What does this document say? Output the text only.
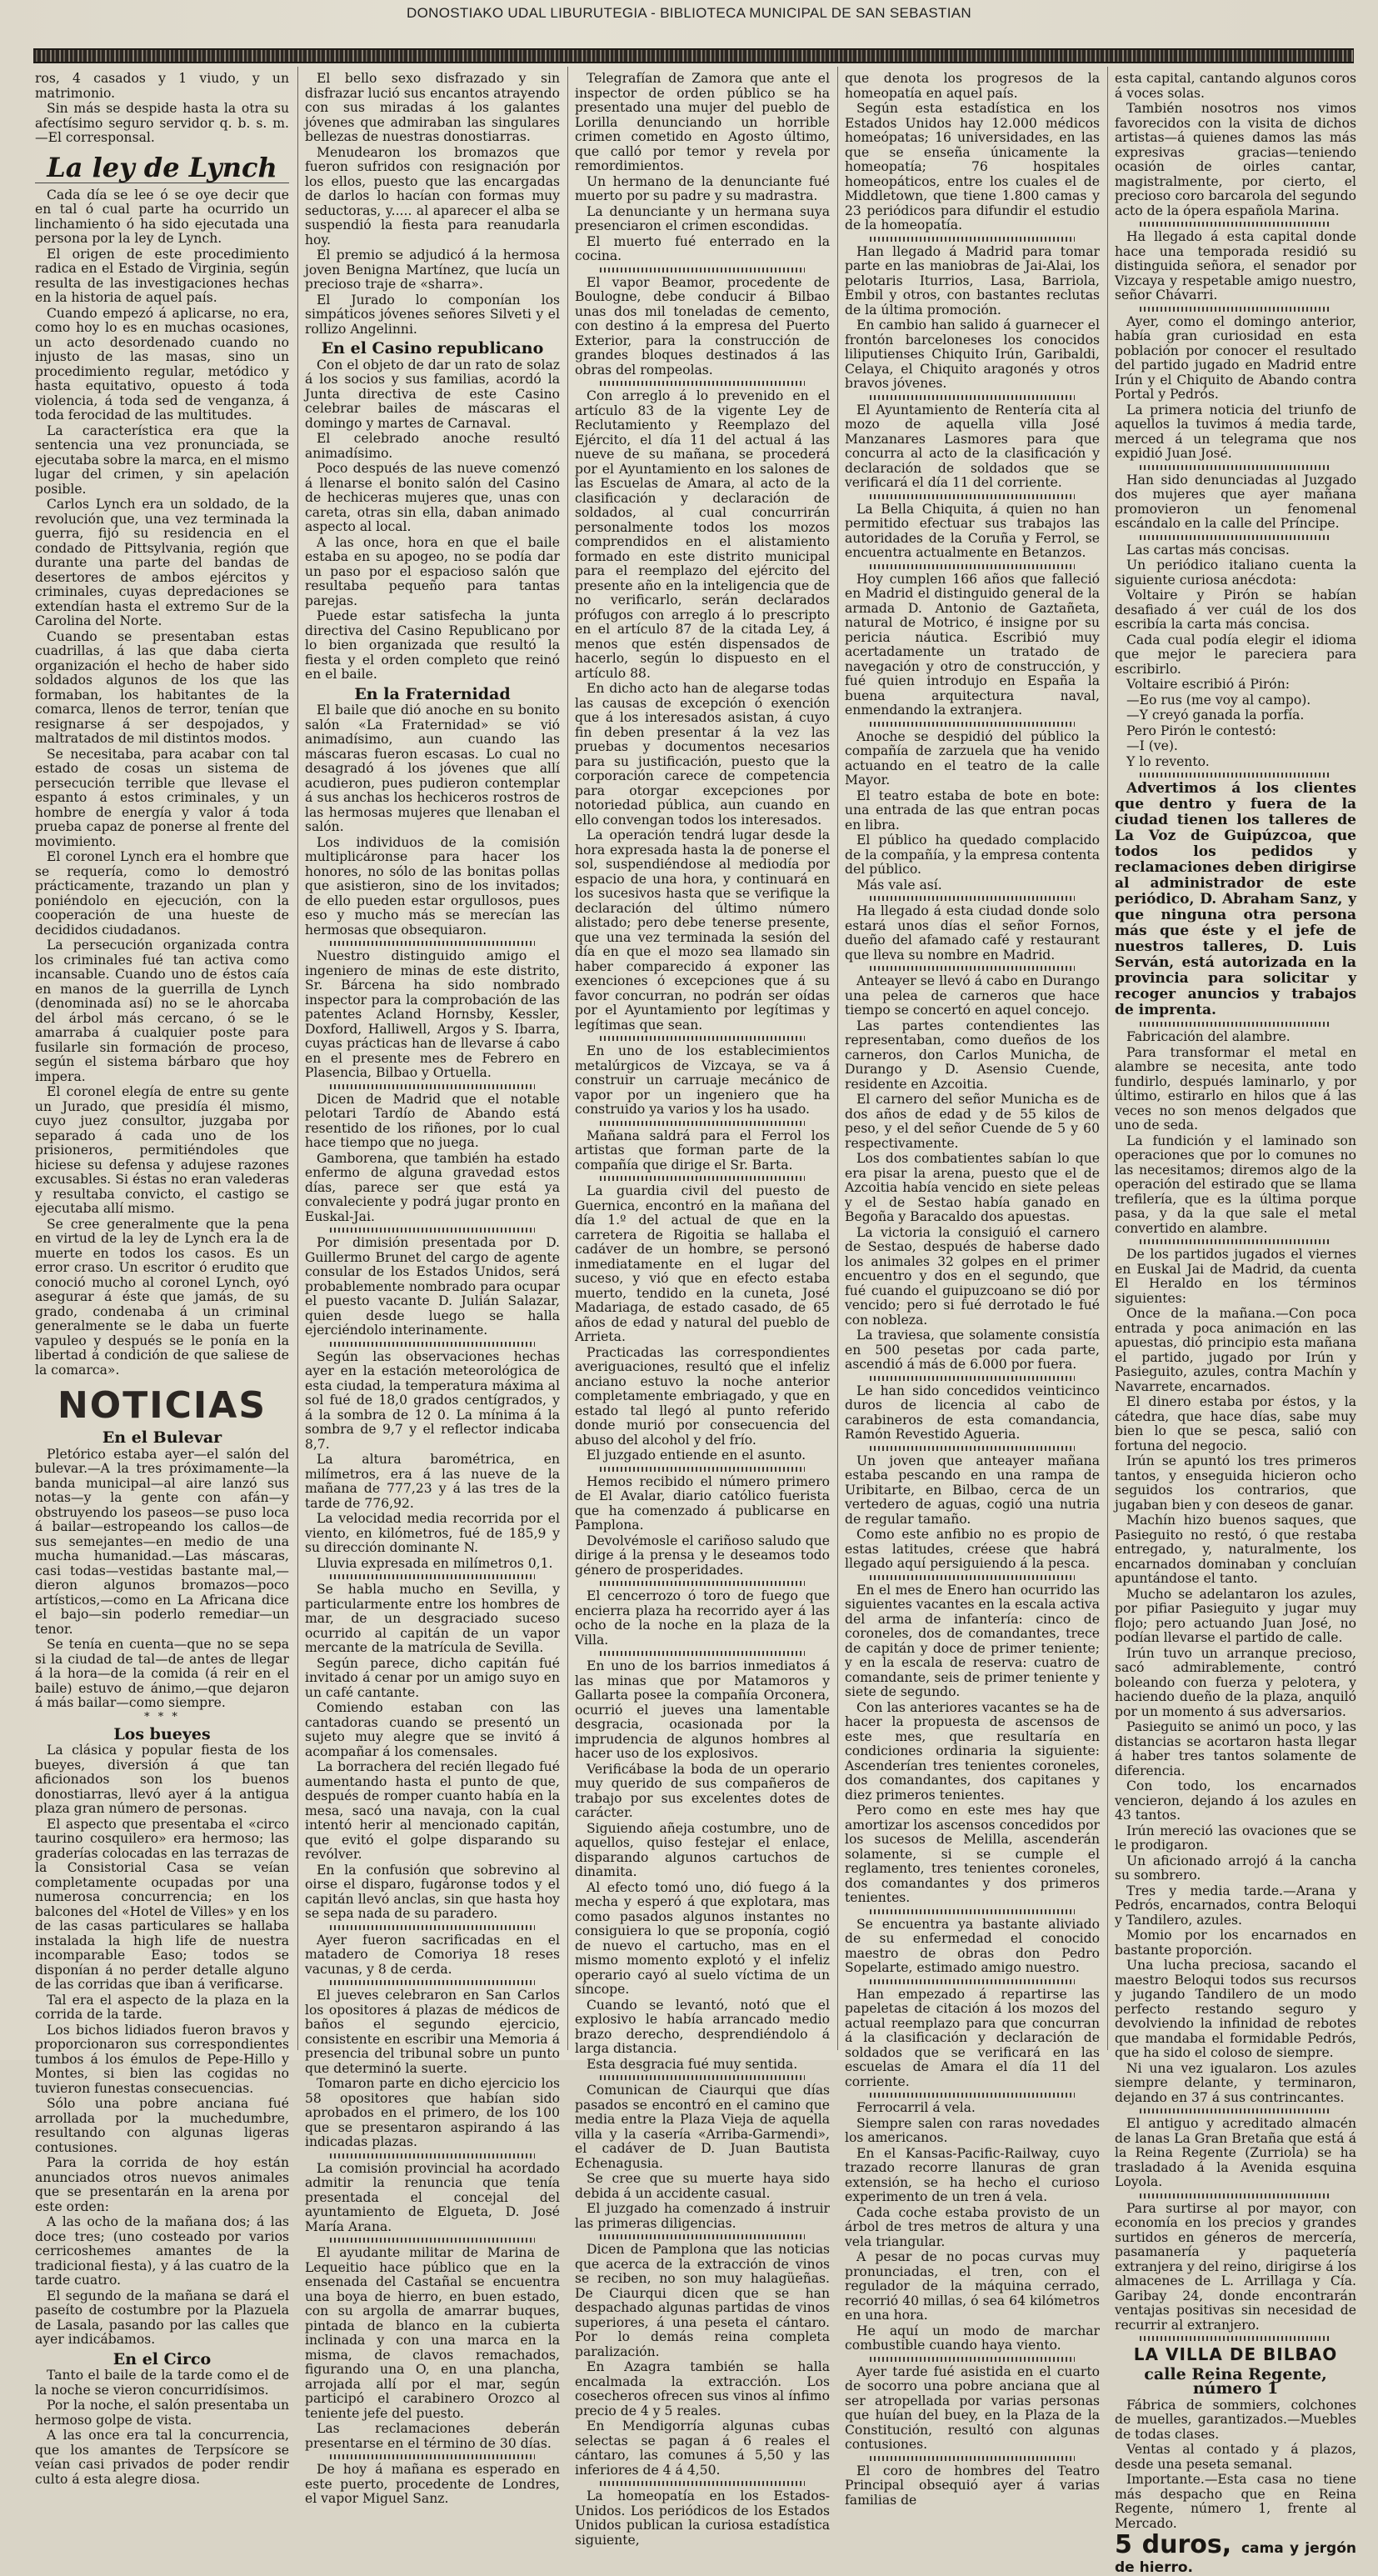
DONOSTIAKO UDAL LIBURUTEGIA - BIBLIOTECA MUNICIPAL DE SAN SEBASTIAN

ros, 4 casados y 1 viudo, y un matrimonio.

Sin más se despide hasta la otra su afectísimo seguro servidor q. b. s. m.—El corresponsal.

La ley de Lynch

Cada día se lee ó se oye decir que en tal ó cual parte ha ocurrido un linchamiento ó ha sido ejecutada una persona por la ley de Lynch.

El origen de este procedimiento radica en el Estado de Virginia, según resulta de las investigaciones hechas en la historia de aquel país.

Cuando empezó á aplicarse, no era, como hoy lo es en muchas ocasiones, un acto desordenado cuando no injusto de las masas, sino un procedimiento regular, metódico y hasta equitativo, opuesto á toda violencia, á toda sed de venganza, á toda ferocidad de las multitudes.

La característica era que la sentencia una vez pronunciada, se ejecutaba sobre la marca, en el mismo lugar del crimen, y sin apelación posible.

Carlos Lynch era un soldado, de la revolución que, una vez terminada la guerra, fijó su residencia en el condado de Pittsylvania, región que durante una parte del bandas de desertores de ambos ejércitos y criminales, cuyas depredaciones se extendían hasta el extremo Sur de la Carolina del Norte.

Cuando se presentaban estas cuadrillas, á las que daba cierta organización el hecho de haber sido soldados algunos de los que las formaban, los habitantes de la comarca, llenos de terror, tenían que resignarse á ser despojados, y maltratados de mil distintos modos.

Se necesitaba, para acabar con tal estado de cosas un sistema de persecución terrible que llevase el espanto á estos criminales, y un hombre de energía y valor á toda prueba capaz de ponerse al frente del movimiento.

El coronel Lynch era el hombre que se requería, como lo demostró prácticamente, trazando un plan y poniéndolo en ejecución, con la cooperación de una hueste de decididos ciudadanos.

La persecución organizada contra los criminales fué tan activa como incansable. Cuando uno de éstos caía en manos de la guerrilla de Lynch (denominada así) no se le ahorcaba del árbol más cercano, ó se le amarraba á cualquier poste para fusilarle sin formación de proceso, según el sistema bárbaro que hoy impera.

El coronel elegía de entre su gente un Jurado, que presidía él mismo, cuyo juez consultor, juzgaba por separado á cada uno de los prisioneros, permitiéndoles que hiciese su defensa y adujese razones excusables. Si éstas no eran valederas y resultaba convicto, el castigo se ejecutaba allí mismo.

Se cree generalmente que la pena en virtud de la ley de Lynch era la de muerte en todos los casos. Es un error craso. Un escritor ó erudito que conoció mucho al coronel Lynch, oyó asegurar á éste que jamás, de su grado, condenaba á un criminal generalmente se le daba un fuerte vapuleo y después se le ponía en la libertad á condición de que saliese de la comarca».

NOTICIAS
En el Bulevar

Pletórico estaba ayer—el salón del bulevar.—A la tres próximamente—la banda municipal—al aire lanzó sus notas—y la gente con afán—y obstruyendo los paseos—se puso loca á bailar—estropeando los callos—de sus semejantes—en medio de una mucha humanidad.—Las máscaras, casi todas—vestidas bastante mal,—dieron algunos bromazos—poco artísticos,—como en La Africana dice el bajo—sin poderlo remediar—un tenor.

Se tenía en cuenta—que no se sepa si la ciudad de tal—de antes de llegar á la hora—de la comida (á reir en el baile) estuvo de ánimo,—que dejaron á más bailar—como siempre.

* * *
Los bueyes

La clásica y popular fiesta de los bueyes, diversión á que tan aficionados son los buenos donostiarras, llevó ayer á la antigua plaza gran número de personas.

El aspecto que presentaba el «circo taurino cosquilero» era hermoso; las graderías colocadas en las terrazas de la Consistorial Casa se veían completamente ocupadas por una numerosa concurrencia; en los balcones del «Hotel de Villes» y en los de las casas particulares se hallaba instalada la high life de nuestra incomparable Easo; todos se disponían á no perder detalle alguno de las corridas que iban á verificarse.

Tal era el aspecto de la plaza en la corrida de la tarde.

Los bichos lidiados fueron bravos y proporcionaron sus correspondientes tumbos á los émulos de Pepe-Hillo y Montes, si bien las cogidas no tuvieron funestas consecuencias.

Sólo una pobre anciana fué arrollada por la muchedumbre, resultando con algunas ligeras contusiones.

Para la corrida de hoy están anunciados otros nuevos animales que se presentarán en la arena por este orden:

A las ocho de la mañana dos; á las doce tres; (uno costeado por varios cerricoshemes amantes de la tradicional fiesta), y á las cuatro de la tarde cuatro.

El segundo de la mañana se dará el paseíto de costumbre por la Plazuela de Lasala, pasando por las calles que ayer indicábamos.

En el Circo

Tanto el baile de la tarde como el de la noche se vieron concurridísimos.

Por la noche, el salón presentaba un hermoso golpe de vista.

A las once era tal la concurrencia, que los amantes de Terpsícore se veían casi privados de poder rendir culto á esta alegre diosa.

El bello sexo disfrazado y sin disfrazar lució sus encantos atrayendo con sus miradas á los galantes jóvenes que admiraban las singulares bellezas de nuestras donostiarras.

Menudearon los bromazos que fueron sufridos con resignación por los ellos, puesto que las encargadas de darlos lo hacían con formas muy seductoras, y..... al aparecer el alba se suspendió la fiesta para reanudarla hoy.

El premio se adjudicó á la hermosa joven Benigna Martínez, que lucía un precioso traje de «sharra».

El Jurado lo componían los simpáticos jóvenes señores Silveti y el rollizo Angelinni.

En el Casino republicano

Con el objeto de dar un rato de solaz á los socios y sus familias, acordó la Junta directiva de este Casino celebrar bailes de máscaras el domingo y martes de Carnaval.

El celebrado anoche resultó animadísimo.

Poco después de las nueve comenzó á llenarse el bonito salón del Casino de hechiceras mujeres que, unas con careta, otras sin ella, daban animado aspecto al local.

A las once, hora en que el baile estaba en su apogeo, no se podía dar un paso por el espacioso salón que resultaba pequeño para tantas parejas.

Puede estar satisfecha la junta directiva del Casino Republicano por lo bien organizada que resultó la fiesta y el orden completo que reinó en el baile.

En la Fraternidad

El baile que dió anoche en su bonito salón «La Fraternidad» se vió animadísimo, aun cuando las máscaras fueron escasas. Lo cual no desagradó á los jóvenes que allí acudieron, pues pudieron contemplar á sus anchas los hechiceros rostros de las hermosas mujeres que llenaban el salón.

Los individuos de la comisión multiplicáronse para hacer los honores, no sólo de las bonitas pollas que asistieron, sino de los invitados; de ello pueden estar orgullosos, pues eso y mucho más se merecían las hermosas que obsequiaron.

Nuestro distinguido amigo el ingeniero de minas de este distrito, Sr. Bárcena ha sido nombrado inspector para la comprobación de las patentes Acland Hornsby, Kessler, Doxford, Halliwell, Argos y S. Ibarra, cuyas prácticas han de llevarse á cabo en el presente mes de Febrero en Plasencia, Bilbao y Ortuella.

Dicen de Madrid que el notable pelotari Tardío de Abando está resentido de los riñones, por lo cual hace tiempo que no juega.

Gamborena, que también ha estado enfermo de alguna gravedad estos días, parece ser que está ya convaleciente y podrá jugar pronto en Euskal-Jai.

Por dimisión presentada por D. Guillermo Brunet del cargo de agente consular de los Estados Unidos, será probablemente nombrado para ocupar el puesto vacante D. Julián Salazar, quien desde luego se halla ejerciéndolo interinamente.

Según las observaciones hechas ayer en la estación meteorológica de esta ciudad, la temperatura máxima al sol fué de 18,0 grados centígrados, y á la sombra de 12 0. La mínima á la sombra de 9,7 y el reflector indicaba 8,7.

La altura barométrica, en milímetros, era á las nueve de la mañana de 777,23 y á las tres de la tarde de 776,92.

La velocidad media recorrida por el viento, en kilómetros, fué de 185,9 y su dirección dominante N.

Lluvia expresada en milímetros 0,1.

Se habla mucho en Sevilla, y particularmente entre los hombres de mar, de un desgraciado suceso ocurrido al capitán de un vapor mercante de la matrícula de Sevilla.

Según parece, dicho capitán fué invitado á cenar por un amigo suyo en un café cantante.

Comiendo estaban con las cantadoras cuando se presentó un sujeto muy alegre que se invitó á acompañar á los comensales.

La borrachera del recién llegado fué aumentando hasta el punto de que, después de romper cuanto había en la mesa, sacó una navaja, con la cual intentó herir al mencionado capitán, que evitó el golpe disparando su revólver.

En la confusión que sobrevino al oirse el disparo, fugáronse todos y el capitán llevó anclas, sin que hasta hoy se sepa nada de su paradero.

Ayer fueron sacrificadas en el matadero de Comoriya 18 reses vacunas, y 8 de cerda.

El jueves celebraron en San Carlos los opositores á plazas de médicos de baños el segundo ejercicio, consistente en escribir una Memoria á presencia del tribunal sobre un punto que determinó la suerte.

Tomaron parte en dicho ejercicio los 58 opositores que habían sido aprobados en el primero, de los 100 que se presentaron aspirando á las indicadas plazas.

La comisión provincial ha acordado admitir la renuncia que tenía presentada el concejal del ayuntamiento de Elgueta, D. José María Arana.

El ayudante militar de Marina de Lequeitio hace público que en la ensenada del Castañal se encuentra una boya de hierro, en buen estado, con su argolla de amarrar buques, pintada de blanco en la cubierta inclinada y con una marca en la misma, de clavos remachados, figurando una O, en una plancha, arrojada allí por el mar, según participó el carabinero Orozco al teniente jefe del puesto.

Las reclamaciones deberán presentarse en el término de 30 días.

De hoy á mañana es esperado en este puerto, procedente de Londres, el vapor Miguel Sanz.

Telegrafían de Zamora que ante el inspector de orden público se ha presentado una mujer del pueblo de Lorilla denunciando un horrible crimen cometido en Agosto último, que calló por temor y revela por remordimientos.

Un hermano de la denunciante fué muerto por su padre y su madrastra.

La denunciante y un hermana suya presenciaron el crimen escondidas.

El muerto fué enterrado en la cocina.

El vapor Beamor, procedente de Boulogne, debe conducir á Bilbao unas dos mil toneladas de cemento, con destino á la empresa del Puerto Exterior, para la construcción de grandes bloques destinados á las obras del rompeolas.

Con arreglo á lo prevenido en el artículo 83 de la vigente Ley de Reclutamiento y Reemplazo del Ejército, el día 11 del actual á las nueve de su mañana, se procederá por el Ayuntamiento en los salones de las Escuelas de Amara, al acto de la clasificación y declaración de soldados, al cual concurrirán personalmente todos los mozos comprendidos en el alistamiento formado en este distrito municipal para el reemplazo del ejército del presente año en la inteligencia que de no verificarlo, serán declarados prófugos con arreglo á lo prescripto en el artículo 87 de la citada Ley, á menos que estén dispensados de hacerlo, según lo dispuesto en el artículo 88.

En dicho acto han de alegarse todas las causas de excepción ó exención que á los interesados asistan, á cuyo fin deben presentar á la vez las pruebas y documentos necesarios para su justificación, puesto que la corporación carece de competencia para otorgar excepciones por notoriedad pública, aun cuando en ello convengan todos los interesados.

La operación tendrá lugar desde la hora expresada hasta la de ponerse el sol, suspendiéndose al mediodía por espacio de una hora, y continuará en los sucesivos hasta que se verifique la declaración del último número alistado; pero debe tenerse presente, que una vez terminada la sesión del día en que el mozo sea llamado sin haber comparecido á exponer las exenciones ó excepciones que á su favor concurran, no podrán ser oídas por el Ayuntamiento por legítimas y legítimas que sean.

En uno de los establecimientos metalúrgicos de Vizcaya, se va á construir un carruaje mecánico de vapor por un ingeniero que ha construido ya varios y los ha usado.

Mañana saldrá para el Ferrol los artistas que forman parte de la compañía que dirige el Sr. Barta.

La guardia civil del puesto de Guernica, encontró en la mañana del día 1.º del actual de que en la carretera de Rigoitia se hallaba el cadáver de un hombre, se personó inmediatamente en el lugar del suceso, y vió que en efecto estaba muerto, tendido en la cuneta, José Madariaga, de estado casado, de 65 años de edad y natural del pueblo de Arrieta.

Practicadas las correspondientes averiguaciones, resultó que el infeliz anciano estuvo la noche anterior completamente embriagado, y que en estado tal llegó al punto referido donde murió por consecuencia del abuso del alcohol y del frío.

El juzgado entiende en el asunto.

Hemos recibido el número primero de El Avalar, diario católico fuerista que ha comenzado á publicarse en Pamplona.

Devolvémosle el cariñoso saludo que dirige á la prensa y le deseamos todo género de prosperidades.

El cencerrozo ó toro de fuego que encierra plaza ha recorrido ayer á las ocho de la noche en la plaza de la Villa.

En uno de los barrios inmediatos á las minas que por Matamoros y Gallarta posee la compañía Orconera, ocurrió el jueves una lamentable desgracia, ocasionada por la imprudencia de algunos hombres al hacer uso de los explosivos.

Verificábase la boda de un operario muy querido de sus compañeros de trabajo por sus excelentes dotes de carácter.

Siguiendo añeja costumbre, uno de aquellos, quiso festejar el enlace, disparando algunos cartuchos de dinamita.

Al efecto tomó uno, dió fuego á la mecha y esperó á que explotara, mas como pasados algunos instantes no consiguiera lo que se proponía, cogió de nuevo el cartucho, mas en el mismo momento explotó y el infeliz operario cayó al suelo víctima de un síncope.

Cuando se levantó, notó que el explosivo le había arrancado medio brazo derecho, desprendiéndolo á larga distancia.

Esta desgracia fué muy sentida.

Comunican de Ciaurqui que días pasados se encontró en el camino que media entre la Plaza Vieja de aquella villa y la casería «Arriba-Garmendi», el cadáver de D. Juan Bautista Echenagusia.

Se cree que su muerte haya sido debida á un accidente casual.

El juzgado ha comenzado á instruir las primeras diligencias.

Dicen de Pamplona que las noticias que acerca de la extracción de vinos se reciben, no son muy halagüeñas. De Ciaurqui dicen que se han despachado algunas partidas de vinos superiores, á una peseta el cántaro. Por lo demás reina completa paralización.

En Azagra también se halla encalmada la extracción. Los cosecheros ofrecen sus vinos al ínfimo precio de 4 y 5 reales.

En Mendigorría algunas cubas selectas se pagan á 6 reales el cántaro, las comunes á 5,50 y las inferiores de 4 á 4,50.

La homeopatía en los Estados-Unidos. Los periódicos de los Estados Unidos publican la curiosa estadística siguiente,

que denota los progresos de la homeopatía en aquel país.

Según esta estadística en los Estados Unidos hay 12.000 médicos homeópatas; 16 universidades, en las que se enseña únicamente la homeopatía; 76 hospitales homeopáticos, entre los cuales el de Middletown, que tiene 1.800 camas y 23 periódicos para difundir el estudio de la homeopatía.

Han llegado á Madrid para tomar parte en las maniobras de Jai-Alai, los pelotaris Iturrios, Lasa, Barriola, Embil y otros, con bastantes reclutas de la última promoción.

En cambio han salido á guarnecer el frontón barceloneses los conocidos liliputienses Chiquito Irún, Garibaldi, Celaya, el Chiquito aragonés y otros bravos jóvenes.

El Ayuntamiento de Rentería cita al mozo de aquella villa José Manzanares Lasmores para que concurra al acto de la clasificación y declaración de soldados que se verificará el día 11 del corriente.

La Bella Chiquita, á quien no han permitido efectuar sus trabajos las autoridades de la Coruña y Ferrol, se encuentra actualmente en Betanzos.

Hoy cumplen 166 años que falleció en Madrid el distinguido general de la armada D. Antonio de Gaztañeta, natural de Motrico, é insigne por su pericia náutica. Escribió muy acertadamente un tratado de navegación y otro de construcción, y fué quien introdujo en España la buena arquitectura naval, enmendando la extranjera.

Anoche se despidió del público la compañía de zarzuela que ha venido actuando en el teatro de la calle Mayor.

El teatro estaba de bote en bote: una entrada de las que entran pocas en libra.

El público ha quedado complacido de la compañía, y la empresa contenta del público.

Más vale así.

Ha llegado á esta ciudad donde solo estará unos días el señor Fornos, dueño del afamado café y restaurant que lleva su nombre en Madrid.

Anteayer se llevó á cabo en Durango una pelea de carneros que hace tiempo se concertó en aquel concejo.

Las partes contendientes las representaban, como dueños de los carneros, don Carlos Municha, de Durango y D. Asensio Cuende, residente en Azcoitia.

El carnero del señor Municha es de dos años de edad y de 55 kilos de peso, y el del señor Cuende de 5 y 60 respectivamente.

Los dos combatientes sabían lo que era pisar la arena, puesto que el de Azcoitia había vencido en siete peleas y el de Sestao había ganado en Begoña y Baracaldo dos apuestas.

La victoria la consiguió el carnero de Sestao, después de haberse dado los animales 32 golpes en el primer encuentro y dos en el segundo, que fué cuando el guipuzcoano se dió por vencido; pero si fué derrotado le fué con nobleza.

La traviesa, que solamente consistía en 500 pesetas por cada parte, ascendió á más de 6.000 por fuera.

Le han sido concedidos veinticinco duros de licencia al cabo de carabineros de esta comandancia, Ramón Revestido Agueria.

Un joven que anteayer mañana estaba pescando en una rampa de Uribitarte, en Bilbao, cerca de un vertedero de aguas, cogió una nutria de regular tamaño.

Como este anfibio no es propio de estas latitudes, créese que habrá llegado aquí persiguiendo á la pesca.

En el mes de Enero han ocurrido las siguientes vacantes en la escala activa del arma de infantería: cinco de coroneles, dos de comandantes, trece de capitán y doce de primer teniente; y en la escala de reserva: cuatro de comandante, seis de primer teniente y siete de segundo.

Con las anteriores vacantes se ha de hacer la propuesta de ascensos de este mes, que resultaría en condiciones ordinaria la siguiente: Ascenderían tres tenientes coroneles, dos comandantes, dos capitanes y diez primeros tenientes.

Pero como en este mes hay que amortizar los ascensos concedidos por los sucesos de Melilla, ascenderán solamente, si se cumple el reglamento, tres tenientes coroneles, dos comandantes y dos primeros tenientes.

Se encuentra ya bastante aliviado de su enfermedad el conocido maestro de obras don Pedro Sopelarte, estimado amigo nuestro.

Han empezado á repartirse las papeletas de citación á los mozos del actual reemplazo para que concurran á la clasificación y declaración de soldados que se verificará en las escuelas de Amara el día 11 del corriente.

Ferrocarril á vela.

Siempre salen con raras novedades los americanos.

En el Kansas-Pacific-Railway, cuyo trazado recorre llanuras de gran extensión, se ha hecho el curioso experimento de un tren á vela.

Cada coche estaba provisto de un árbol de tres metros de altura y una vela triangular.

A pesar de no pocas curvas muy pronunciadas, el tren, con el regulador de la máquina cerrado, recorrió 40 millas, ó sea 64 kilómetros en una hora.

He aquí un modo de marchar combustible cuando haya viento.

Ayer tarde fué asistida en el cuarto de socorro una pobre anciana que al ser atropellada por varias personas que huían del buey, en la Plaza de la Constitución, resultó con algunas contusiones.

El coro de hombres del Teatro Principal obsequió ayer á varias familias de

esta capital, cantando algunos coros á voces solas.

También nosotros nos vimos favorecidos con la visita de dichos artistas—á quienes damos las más expresivas gracias—teniendo ocasión de oirles cantar, magistralmente, por cierto, el precioso coro barcarola del segundo acto de la ópera española Marina.

Ha llegado á esta capital donde hace una temporada residió su distinguida señora, el senador por Vizcaya y respetable amigo nuestro, señor Chávarri.

Ayer, como el domingo anterior, había gran curiosidad en esta población por conocer el resultado del partido jugado en Madrid entre Irún y el Chiquito de Abando contra Portal y Pedrós.

La primera noticia del triunfo de aquellos la tuvimos á media tarde, merced á un telegrama que nos expidió Juan José.

Han sido denunciadas al Juzgado dos mujeres que ayer mañana promovieron un fenomenal escándalo en la calle del Príncipe.

Las cartas más concisas.

Un periódico italiano cuenta la siguiente curiosa anécdota:

Voltaire y Pirón se habían desafiado á ver cuál de los dos escribía la carta más concisa.

Cada cual podía elegir el idioma que mejor le pareciera para escribirlo.

Voltaire escribió á Pirón:

—Eo rus (me voy al campo).

—Y creyó ganada la porfía.

Pero Pirón le contestó:

—I (ve).

Y lo revento.

Advertimos á los clientes que dentro y fuera de la ciudad tienen los talleres de La Voz de Guipúzcoa, que todos los pedidos y reclamaciones deben dirigirse al administrador de este periódico, D. Abraham Sanz, y que ninguna otra persona más que éste y el jefe de nuestros talleres, D. Luis Serván, está autorizada en la provincia para solicitar y recoger anuncios y trabajos de imprenta.

Fabricación del alambre.

Para transformar el metal en alambre se necesita, ante todo fundirlo, después laminarlo, y por último, estirarlo en hilos que á las veces no son menos delgados que uno de seda.

La fundición y el laminado son operaciones que por lo comunes no las necesitamos; diremos algo de la operación del estirado que se llama trefilería, que es la última porque pasa, y da la que sale el metal convertido en alambre.

De los partidos jugados el viernes en Euskal Jai de Madrid, da cuenta El Heraldo en los términos siguientes:

Once de la mañana.—Con poca entrada y poca animación en las apuestas, dió principio esta mañana el partido, jugado por Irún y Pasieguito, azules, contra Machín y Navarrete, encarnados.

El dinero estaba por éstos, y la cátedra, que hace días, sabe muy bien lo que se pesca, salió con fortuna del negocio.

Irún se apuntó los tres primeros tantos, y enseguida hicieron ocho seguidos los contrarios, que jugaban bien y con deseos de ganar.

Machín hizo buenos saques, que Pasieguito no restó, ó que restaba entregado, y, naturalmente, los encarnados dominaban y concluían apuntándose el tanto.

Mucho se adelantaron los azules, por pifiar Pasieguito y jugar muy flojo; pero actuando Juan José, no podían llevarse el partido de calle.

Irún tuvo un arranque precioso, sacó admirablemente, contró boleando con fuerza y pelotera, y haciendo dueño de la plaza, anquiló por un momento á sus adversarios.

Pasieguito se animó un poco, y las distancias se acortaron hasta llegar á haber tres tantos solamente de diferencia.

Con todo, los encarnados vencieron, dejando á los azules en 43 tantos.

Irún mereció las ovaciones que se le prodigaron.

Un aficionado arrojó á la cancha su sombrero.

Tres y media tarde.—Arana y Pedrós, encarnados, contra Beloqui y Tandilero, azules.

Momio por los encarnados en bastante proporción.

Una lucha preciosa, sacando el maestro Beloqui todos sus recursos y jugando Tandilero de un modo perfecto restando seguro y devolviendo la infinidad de rebotes que mandaba el formidable Pedrós, que ha sido el coloso de siempre.

Ni una vez igualaron. Los azules siempre delante, y terminaron, dejando en 37 á sus contrincantes.

El antiguo y acreditado almacén de lanas La Gran Bretaña que está á la Reina Regente (Zurriola) se ha trasladado á la Avenida esquina Loyola.

Para surtirse al por mayor, con economía en los precios y grandes surtidos en géneros de mercería, pasamanería y paquetería extranjera y del reino, dirigirse á los almacenes de L. Arrillaga y Cía. Garibay 24, donde encontrarán ventajas positivas sin necesidad de recurrir al extranjero.

LA VILLA DE BILBAO
calle Reina Regente, número 1

Fábrica de sommiers, colchones de muelles, garantizados.—Muebles de todas clases.

Ventas al contado y á plazos, desde una peseta semanal.

Importante.—Esta casa no tiene más despacho que en Reina Regente, número 1, frente al Mercado.

5 duros, cama y jergón de hierro.
